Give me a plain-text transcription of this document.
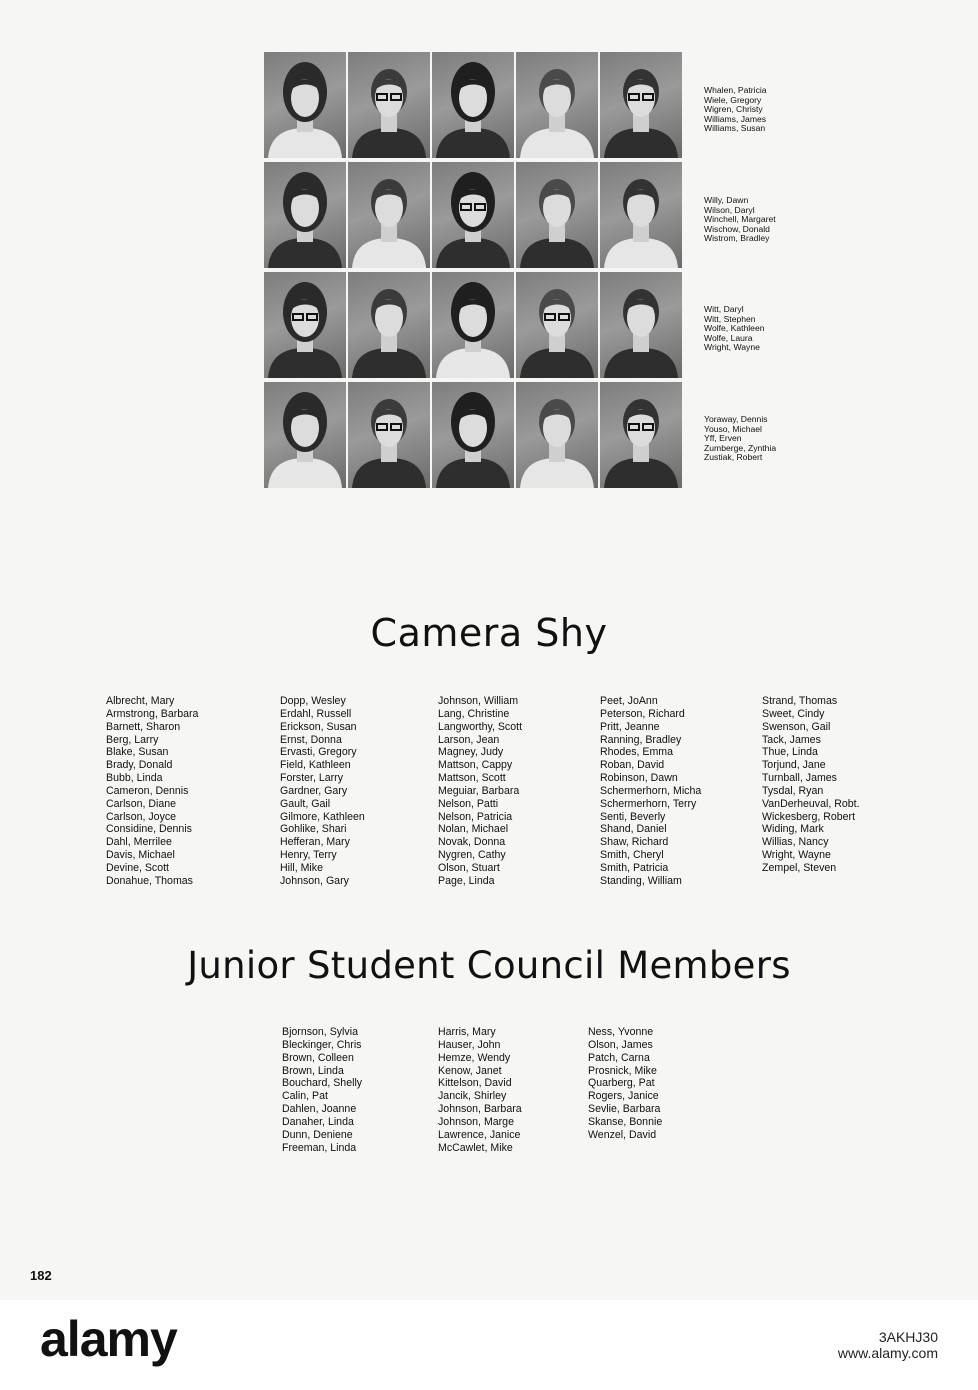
Whalen, Patricia
Wiele, Gregory
Wigren, Christy
Williams, James
Williams, Susan
Willy, Dawn
Wilson, Daryl
Winchell, Margaret
Wischow, Donald
Wistrom, Bradley
Witt, Daryl
Witt, Stephen
Wolfe, Kathleen
Wolfe, Laura
Wright, Wayne
Yoraway, Dennis
Youso, Michael
Yff, Erven
Zumberge, Zynthia
Zustiak, Robert
Camera Shy
Albrecht, Mary
Armstrong, Barbara
Barnett, Sharon
Berg, Larry
Blake, Susan
Brady, Donald
Bubb, Linda
Cameron, Dennis
Carlson, Diane
Carlson, Joyce
Considine, Dennis
Dahl, Merrilee
Davis, Michael
Devine, Scott
Donahue, Thomas
Dopp, Wesley
Erdahl, Russell
Erickson, Susan
Ernst, Donna
Ervasti, Gregory
Field, Kathleen
Forster, Larry
Gardner, Gary
Gault, Gail
Gilmore, Kathleen
Gohlike, Shari
Hefferan, Mary
Henry, Terry
Hill, Mike
Johnson, Gary
Johnson, William
Lang, Christine
Langworthy, Scott
Larson, Jean
Magney, Judy
Mattson, Cappy
Mattson, Scott
Meguiar, Barbara
Nelson, Patti
Nelson, Patricia
Nolan, Michael
Novak, Donna
Nygren, Cathy
Olson, Stuart
Page, Linda
Peet, JoAnn
Peterson, Richard
Pritt, Jeanne
Ranning, Bradley
Rhodes, Emma
Roban, David
Robinson, Dawn
Schermerhorn, Micha
Schermerhorn, Terry
Senti, Beverly
Shand, Daniel
Shaw, Richard
Smith, Cheryl
Smith, Patricia
Standing, William
Strand, Thomas
Sweet, Cindy
Swenson, Gail
Tack, James
Thue, Linda
Torjund, Jane
Turnball, James
Tysdal, Ryan
VanDerheuval, Robt.
Wickesberg, Robert
Widing, Mark
Willias, Nancy
Wright, Wayne
Zempel, Steven
Junior Student Council Members
Bjornson, Sylvia
Bleckinger, Chris
Brown, Colleen
Brown, Linda
Bouchard, Shelly
Calin, Pat
Dahlen, Joanne
Danaher, Linda
Dunn, Deniene
Freeman, Linda
Harris, Mary
Hauser, John
Hemze, Wendy
Kenow, Janet
Kittelson, David
Jancik, Shirley
Johnson, Barbara
Johnson, Marge
Lawrence, Janice
McCawlet, Mike
Ness, Yvonne
Olson, James
Patch, Carna
Prosnick, Mike
Quarberg, Pat
Rogers, Janice
Sevlie, Barbara
Skanse, Bonnie
Wenzel, David
182
alamy	3AKHJ30
www.alamy.com
